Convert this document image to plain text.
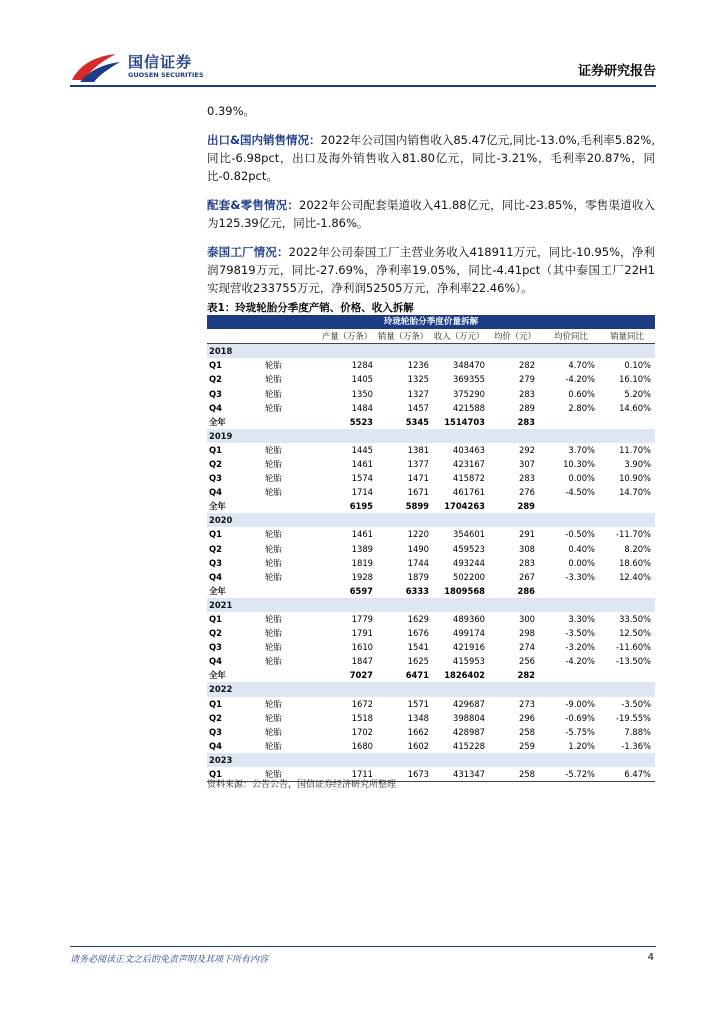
国信证券
GUOSEN SECURITIES	证券研究报告

0.39%。

出口&国内销售情况：2022年公司国内销售收入85.47亿元,同比-13.0%,毛利率5.82%,同比-6.98pct，出口及海外销售收入81.80亿元，同比-3.21%，毛利率20.87%，同比-0.82pct。

配套&零售情况：2022年公司配套渠道收入41.88亿元，同比-23.85%，零售渠道收入为125.39亿元，同比-1.86%。

泰国工厂情况：2022年公司泰国工厂主营业务收入418911万元，同比-10.95%，净利润79819万元，同比-27.69%，净利率19.05%，同比-4.41pct（其中泰国工厂22H1实现营收233755万元，净利润52505万元，净利率22.46%）。

表1：玲珑轮胎分季度产销、价格、收入拆解
玲珑轮胎分季度价量拆解							
		产量（万条）	销量（万条）	收入（万元）	均价（元）	均价同比	销量同比
2018							
Q1	轮胎	1284	1236	348470	282	4.70%	0.10%
Q2	轮胎	1405	1325	369355	279	-4.20%	16.10%
Q3	轮胎	1350	1327	375290	283	0.60%	5.20%
Q4	轮胎	1484	1457	421588	289	2.80%	14.60%
全年		5523	5345	1514703	283		
2019							
Q1	轮胎	1445	1381	403463	292	3.70%	11.70%
Q2	轮胎	1461	1377	423167	307	10.30%	3.90%
Q3	轮胎	1574	1471	415872	283	0.00%	10.90%
Q4	轮胎	1714	1671	461761	276	-4.50%	14.70%
全年		6195	5899	1704263	289		
2020							
Q1	轮胎	1461	1220	354601	291	-0.50%	-11.70%
Q2	轮胎	1389	1490	459523	308	0.40%	8.20%
Q3	轮胎	1819	1744	493244	283	0.00%	18.60%
Q4	轮胎	1928	1879	502200	267	-3.30%	12.40%
全年		6597	6333	1809568	286		
2021							
Q1	轮胎	1779	1629	489360	300	3.30%	33.50%
Q2	轮胎	1791	1676	499174	298	-3.50%	12.50%
Q3	轮胎	1610	1541	421916	274	-3.20%	-11.60%
Q4	轮胎	1847	1625	415953	256	-4.20%	-13.50%
全年		7027	6471	1826402	282		
2022							
Q1	轮胎	1672	1571	429687	273	-9.00%	-3.50%
Q2	轮胎	1518	1348	398804	296	-0.69%	-19.55%
Q3	轮胎	1702	1662	428987	258	-5.75%	7.88%
Q4	轮胎	1680	1602	415228	259	1.20%	-1.36%
2023							
Q1	轮胎	1711	1673	431347	258	-5.72%	6.47%
资料来源：公告公告，国信证券经济研究所整理
请务必阅读正文之后的免责声明及其项下所有内容	4
